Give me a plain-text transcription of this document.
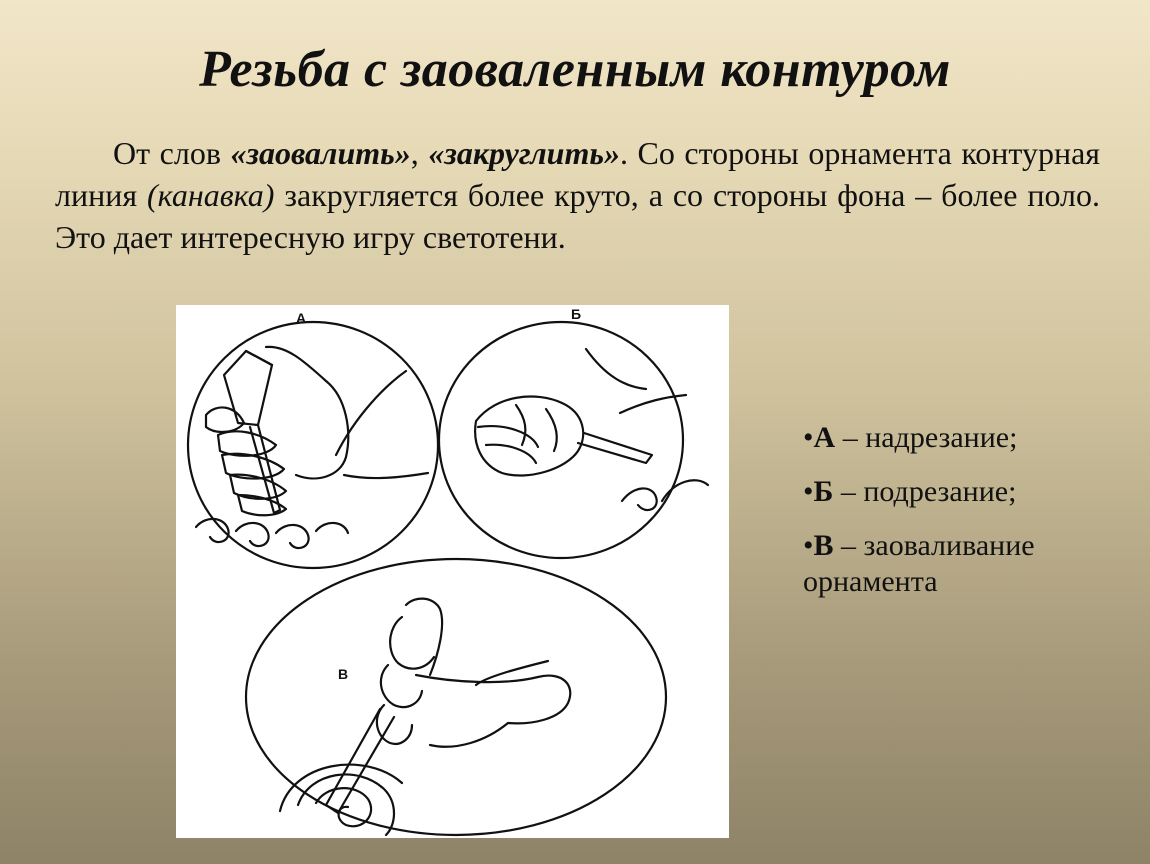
Резьба с заоваленным контуром

От слов «заовалить», «закруглить». Со стороны орнамента контурная линия (канавка) закругляется более круто, а со стороны фона – более поло. Это дает интересную игру светотени.

А	Б
В
•А – надрезание;
•Б – подрезание;
•В – заоваливание орнамента
